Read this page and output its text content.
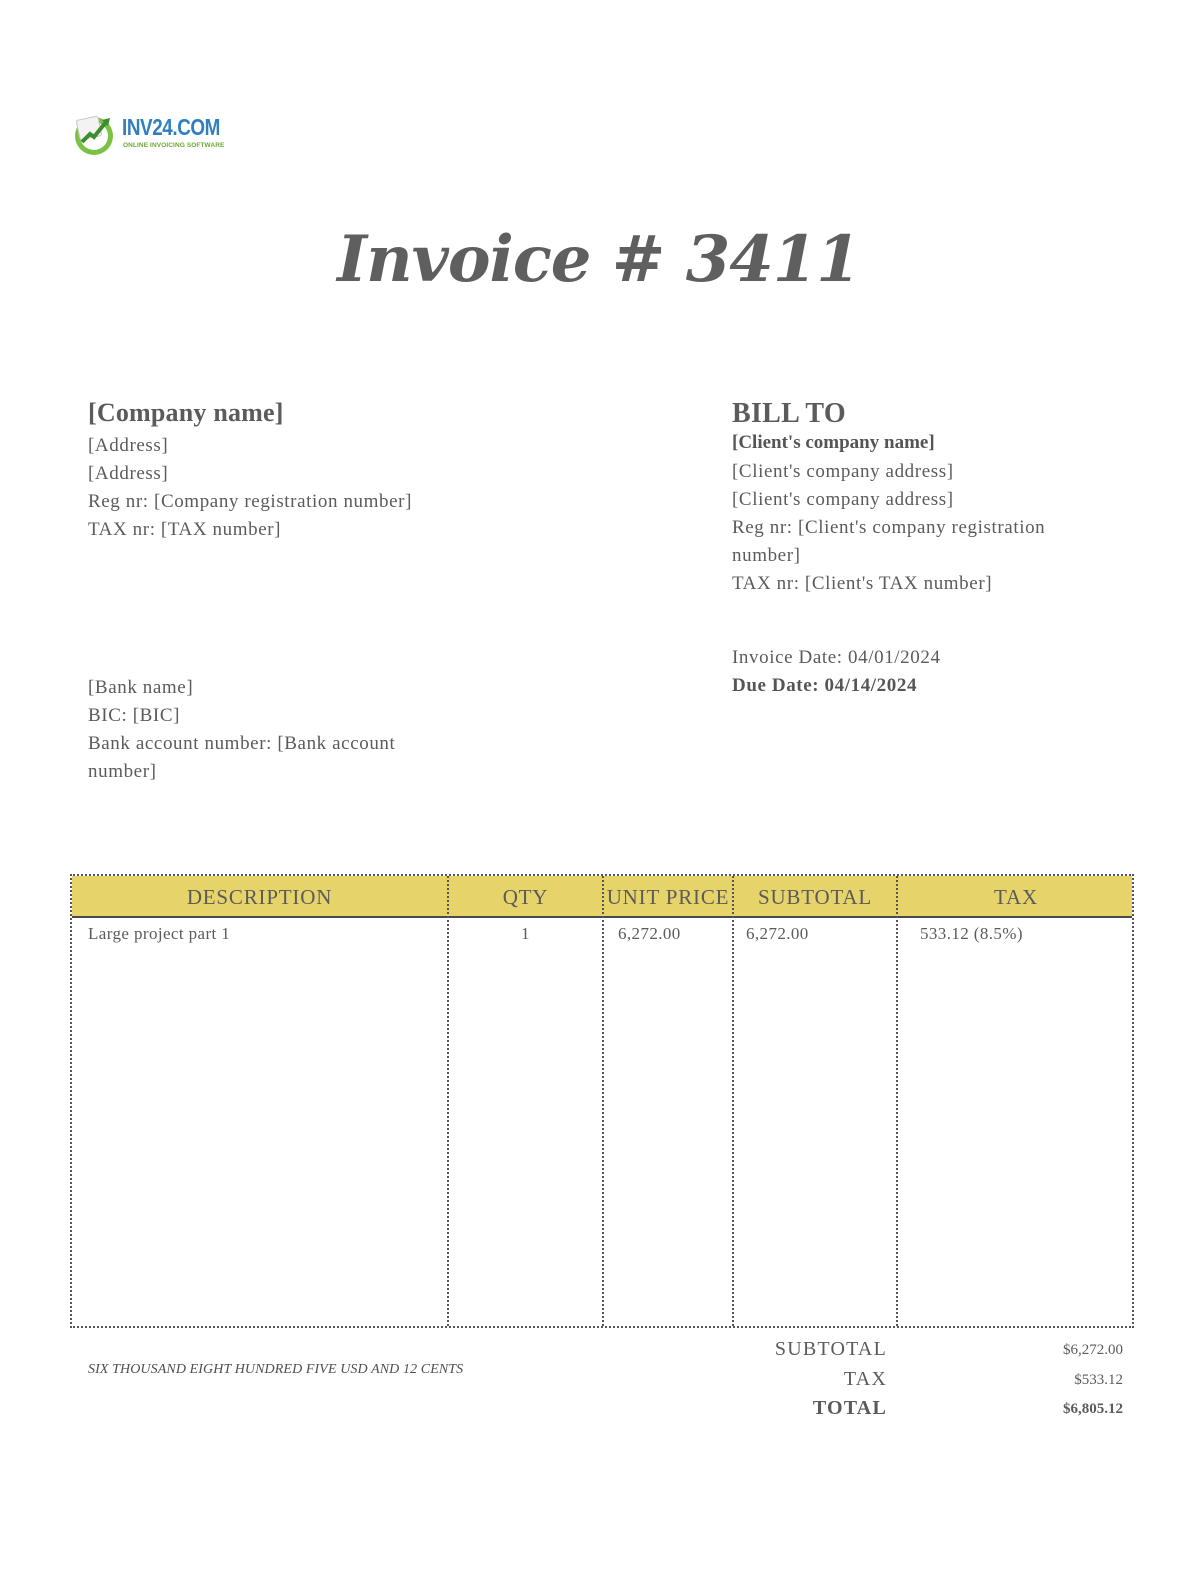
INV24.COM
ONLINE INVOICING SOFTWARE
Invoice # 3411
[Company name]
[Address]
[Address]
Reg nr: [Company registration number]
TAX nr: [TAX number]
BILL TO
[Client's company name]
[Client's company address]
[Client's company address]
Reg nr: [Client's company registration
number]
TAX nr: [Client's TAX number]
Invoice Date: 04/01/2024
Due Date: 04/14/2024
[Bank name]
BIC: [BIC]
Bank account number: [Bank account
number]
DESCRIPTION	QTY	UNIT PRICE	SUBTOTAL	TAX
Large project part 1	1	6,272.00	6,272.00	533.12 (8.5%)
SIX THOUSAND EIGHT HUNDRED FIVE USD AND 12 CENTS
SUBTOTAL	$6,272.00
TAX	$533.12
TOTAL	$6,805.12
